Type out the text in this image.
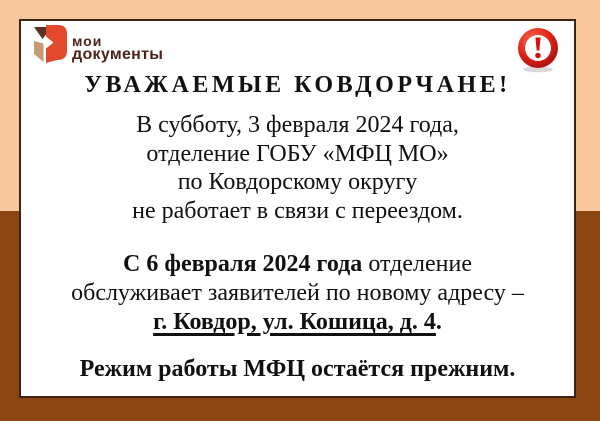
мои
документы
УВАЖАЕМЫЕ КОВДОРЧАНЕ!
В субботу, 3 февраля 2024 года,
отделение ГОБУ «МФЦ МО»
по Ковдорскому округу
не работает в связи с переездом.
С 6 февраля 2024 года отделение
обслуживает заявителей по новому адресу –
г. Ковдор, ул. Кошица, д. 4.
Режим работы МФЦ остаётся прежним.
